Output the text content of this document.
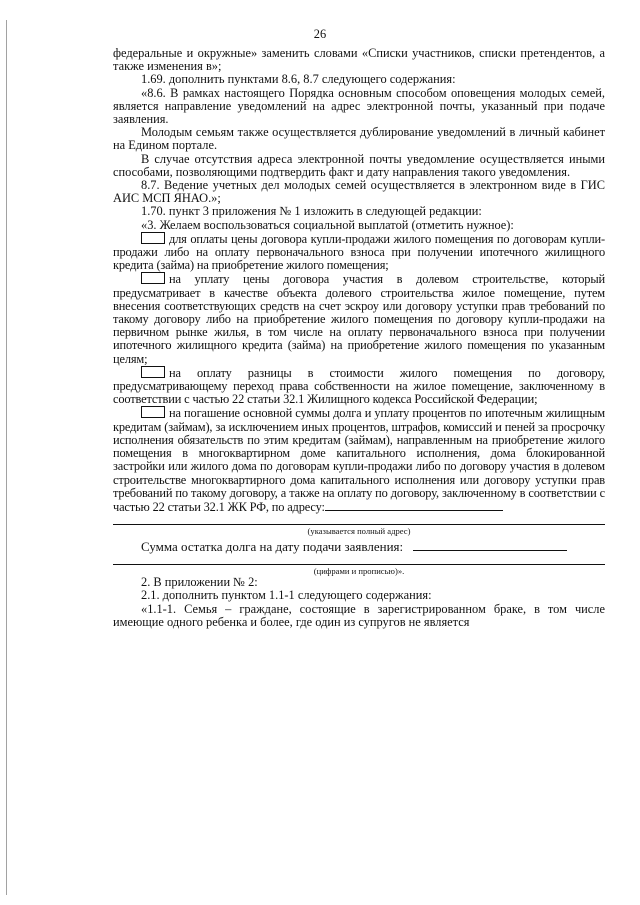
26

федеральные и окружные» заменить словами «Списки участников, списки претендентов, а также изменения в»;

1.69. дополнить пунктами 8.6, 8.7 следующего содержания:

«8.6. В рамках настоящего Порядка основным способом оповещения молодых семей, является направление уведомлений на адрес электронной почты, указанный при подаче заявления.

Молодым семьям также осуществляется дублирование уведомлений в личный кабинет на Едином портале.

В случае отсутствия адреса электронной почты уведомление осуществляется иными способами, позволяющими подтвердить факт и дату направления такого уведомления.

8.7. Ведение учетных дел молодых семей осуществляется в электронном виде в ГИС АИС МСП ЯНАО.»;

1.70. пункт 3 приложения № 1 изложить в следующей редакции:

«3. Желаем воспользоваться социальной выплатой (отметить нужное):

для оплаты цены договора купли-продажи жилого помещения по договорам купли-продажи либо на оплату первоначального взноса при получении ипотечного жилищного кредита (займа) на приобретение жилого помещения;

на уплату цены договора участия в долевом строительстве, который предусматривает в качестве объекта долевого строительства жилое помещение, путем внесения соответствующих средств на счет эскроу или договору уступки прав требований по такому договору либо на приобретение жилого помещения по договору купли-продажи на первичном рынке жилья, в том числе на оплату первоначального взноса при получении ипотечного жилищного кредита (займа) на приобретение жилого помещения по указанным целям;

на оплату разницы в стоимости жилого помещения по договору, предусматривающему переход права собственности на жилое помещение, заключенному в соответствии с частью 22 статьи 32.1 Жилищного кодекса Российской Федерации;

на погашение основной суммы долга и уплату процентов по ипотечным жилищным кредитам (займам), за исключением иных процентов, штрафов, комиссий и пеней за просрочку исполнения обязательств по этим кредитам (займам), направленным на приобретение жилого помещения в многоквартирном доме капитального исполнения, дома блокированной застройки или жилого дома по договорам купли-продажи либо по договору участия в долевом строительстве многоквартирного дома капитального исполнения или договору уступки прав требований по такому договору, а также на оплату по договору, заключенному в соответствии с частью 22 статьи 32.1 ЖК РФ, по адресу:

(указывается полный адрес)

Сумма остатка долга на дату подачи заявления:

(цифрами и прописью)».

2. В приложении № 2:

2.1. дополнить пунктом 1.1-1 следующего содержания:

«1.1-1. Семья – граждане, состоящие в зарегистрированном браке, в том числе имеющие одного ребенка и более, где один из супругов не является
